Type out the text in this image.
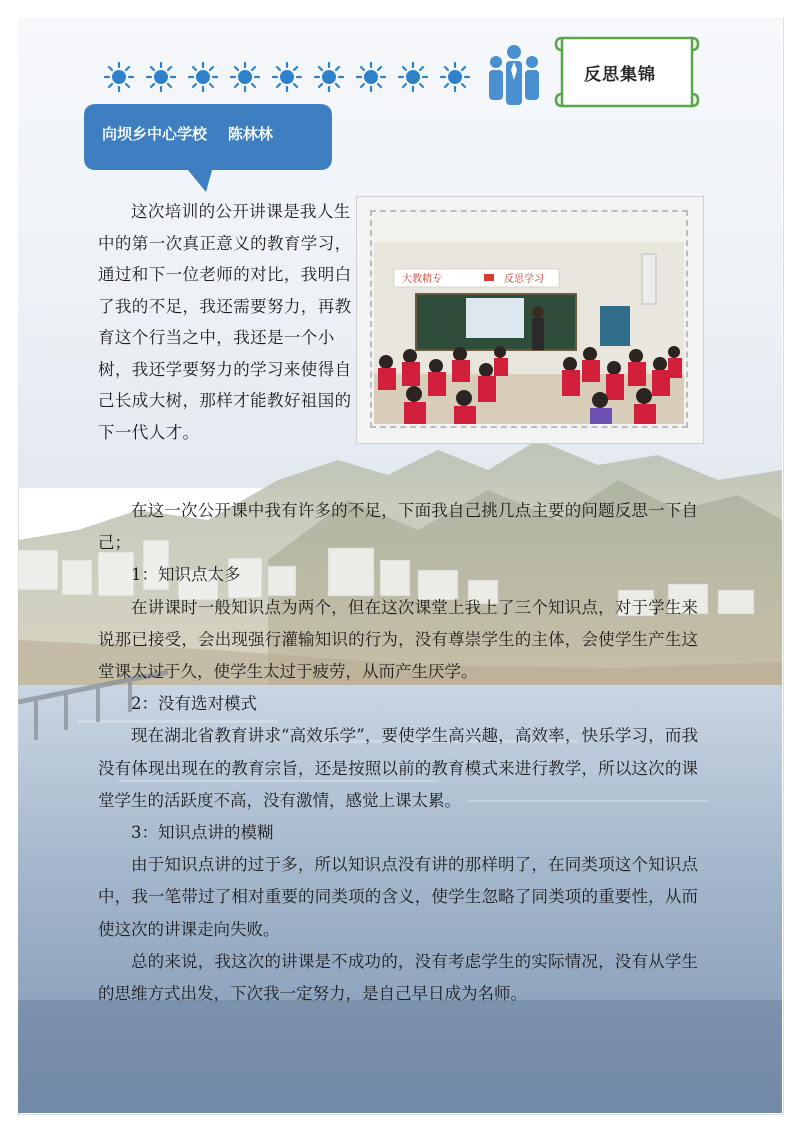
反思集锦
向坝乡中心学校    陈林林
大教精专	反思学习
这次培训的公开讲课是我人生中的第一次真正意义的教育学习，通过和下一位老师的对比，我明白了我的不足，我还需要努力，再教育这个行当之中，我还是一个小树，我还学要努力的学习来使得自己长成大树，那样才能教好祖国的下一代人才。

在这一次公开课中我有许多的不足，下面我自己挑几点主要的问题反思一下自己；

1：知识点太多

在讲课时一般知识点为两个，但在这次课堂上我上了三个知识点，对于学生来说那已接受，会出现强行灌输知识的行为，没有尊崇学生的主体，会使学生产生这堂课太过于久，使学生太过于疲劳，从而产生厌学。

2：没有选对模式

现在湖北省教育讲求“高效乐学”，要使学生高兴趣，高效率，快乐学习，而我没有体现出现在的教育宗旨，还是按照以前的教育模式来进行教学，所以这次的课堂学生的活跃度不高，没有激情，感觉上课太累。

3：知识点讲的模糊

由于知识点讲的过于多，所以知识点没有讲的那样明了，在同类项这个知识点中，我一笔带过了相对重要的同类项的含义，使学生忽略了同类项的重要性，从而使这次的讲课走向失败。

总的来说，我这次的讲课是不成功的，没有考虑学生的实际情况，没有从学生的思维方式出发，下次我一定努力，是自己早日成为名师。
